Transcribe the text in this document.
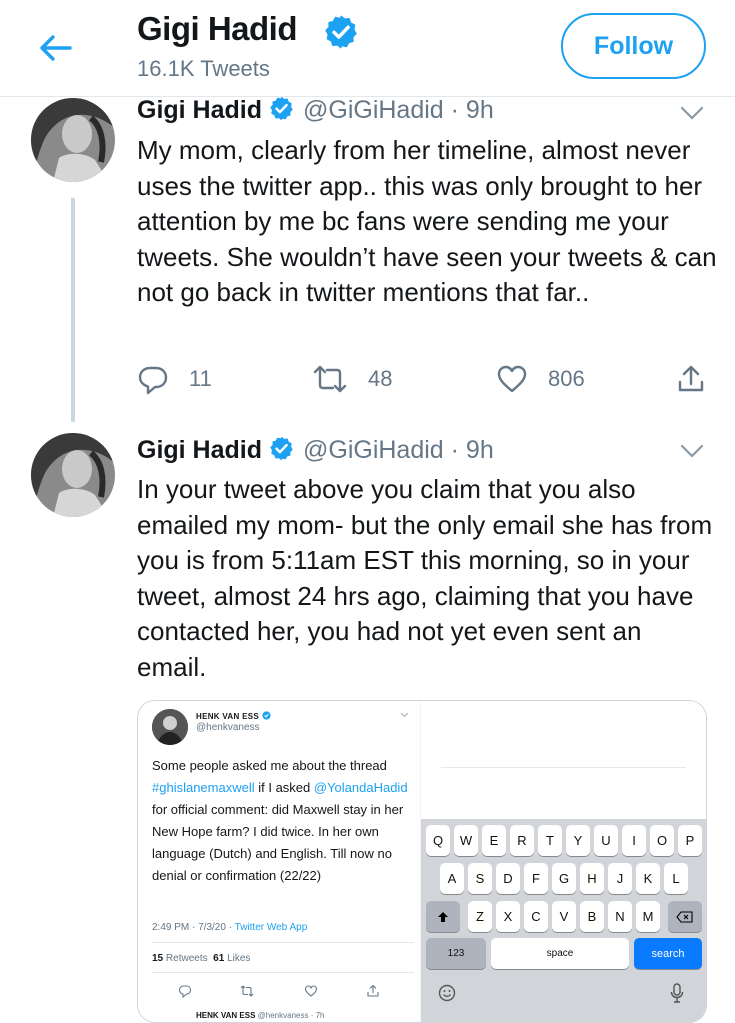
Gigi Hadid
16.1K Tweets
Follow
Gigi Hadid @GiGiHadid · 9h
My mom, clearly from her timeline, almost never uses the twitter app.. this was only brought to her attention by me bc fans were sending me your tweets. She wouldn’t have seen your tweets & can not go back in twitter mentions that far..
11	48	806
Gigi Hadid @GiGiHadid · 9h
In your tweet above you claim that you also emailed my mom- but the only email she has from you is from 5:11am EST this morning, so in your tweet, almost 24 hrs ago, claiming that you have contacted her, you had not yet even sent an email.
HENK VAN ESS
@henkvaness
Some people asked me about the thread #ghislanemaxwell if I asked @YolandaHadid for official comment: did Maxwell stay in her New Hope farm? I did twice. In her own language (Dutch) and English. Till now no denial or confirmation (22/22)
2:49 PM · 7/3/20 · Twitter Web App
15 Retweets 61 Likes
HENK VAN ESS @henkvaness · 7h
Q	W	E	R	T	Y	U	I	O	P
A	S	D	F	G	H	J	K	L
Z	X	C	V	B	N	M
123	space	search
